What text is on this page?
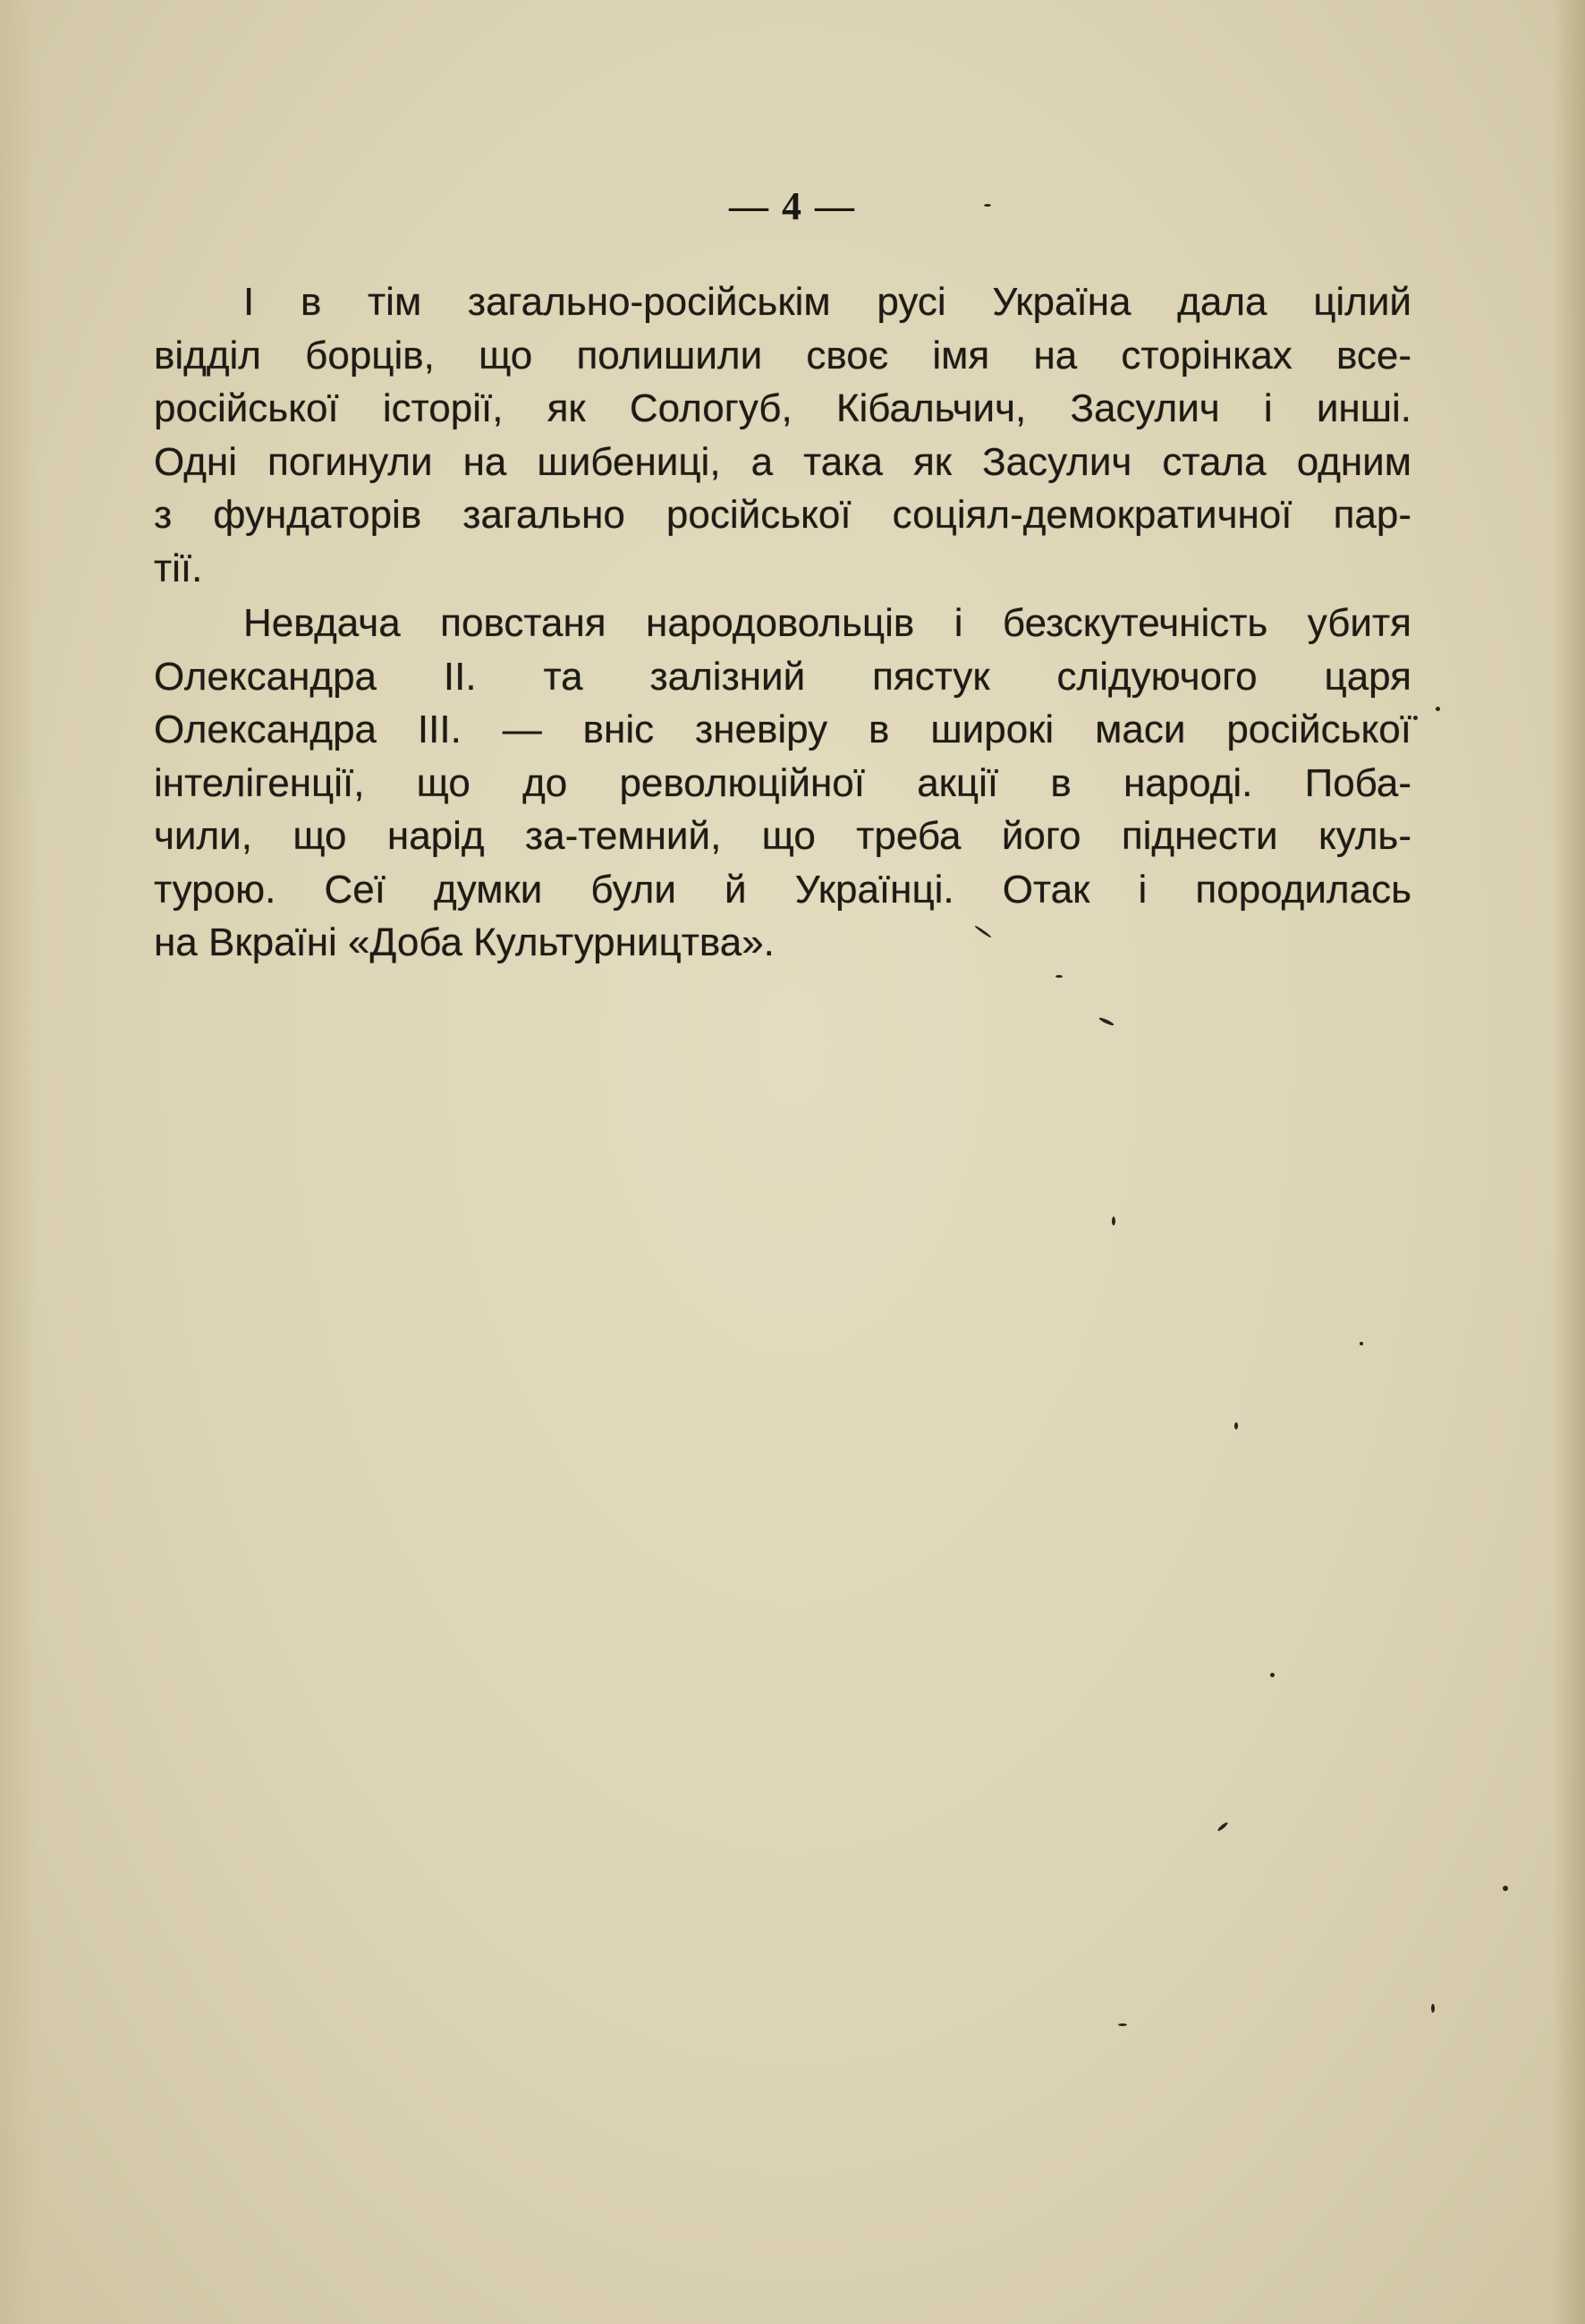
— 4 —
І в тім загально-російськім русі Україна дала цілий
відділ борців, що полишили своє імя на сторінках все-
російської історії, як Сологуб, Кібальчич, Засулич і инші.
Одні погинули на шибениці, а така як Засулич стала одним
з фундаторів загально російської соціял-демократичної пар-
тії.
Невдача повстаня народовольців і безскутечність убитя
Олександра II. та залізний пястук слідуючого царя
Олександра III. — вніс зневіру в широкі маси російської
інтелігенції, що до революційної акції в народі. Поба-
чили, що нарід за-темний, що треба його піднести куль-
турою. Сеї думки були й Українці. Отак і породилась
на Вкраїні «Доба Культурництва».
